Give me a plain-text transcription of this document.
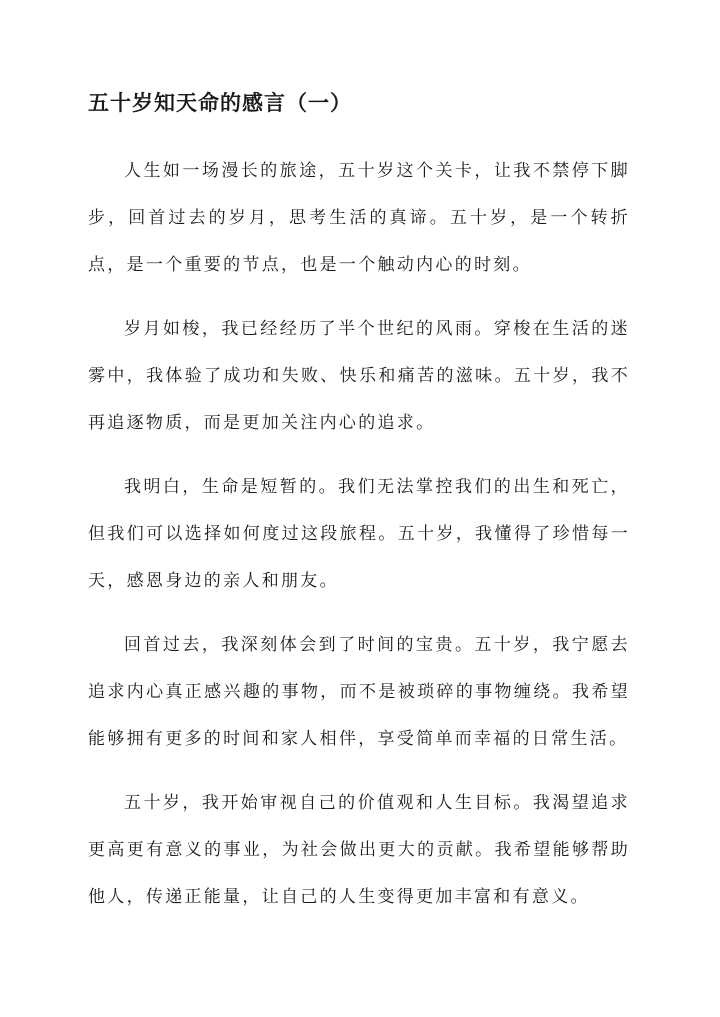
五十岁知天命的感言（一）

人生如一场漫长的旅途，五十岁这个关卡，让我不禁停下脚步，回首过去的岁月，思考生活的真谛。五十岁，是一个转折点，是一个重要的节点，也是一个触动内心的时刻。

岁月如梭，我已经经历了半个世纪的风雨。穿梭在生活的迷雾中，我体验了成功和失败、快乐和痛苦的滋味。五十岁，我不再追逐物质，而是更加关注内心的追求。

我明白，生命是短暂的。我们无法掌控我们的出生和死亡，但我们可以选择如何度过这段旅程。五十岁，我懂得了珍惜每一天，感恩身边的亲人和朋友。

回首过去，我深刻体会到了时间的宝贵。五十岁，我宁愿去追求内心真正感兴趣的事物，而不是被琐碎的事物缠绕。我希望能够拥有更多的时间和家人相伴，享受简单而幸福的日常生活。

五十岁，我开始审视自己的价值观和人生目标。我渴望追求更高更有意义的事业，为社会做出更大的贡献。我希望能够帮助他人，传递正能量，让自己的人生变得更加丰富和有意义。
